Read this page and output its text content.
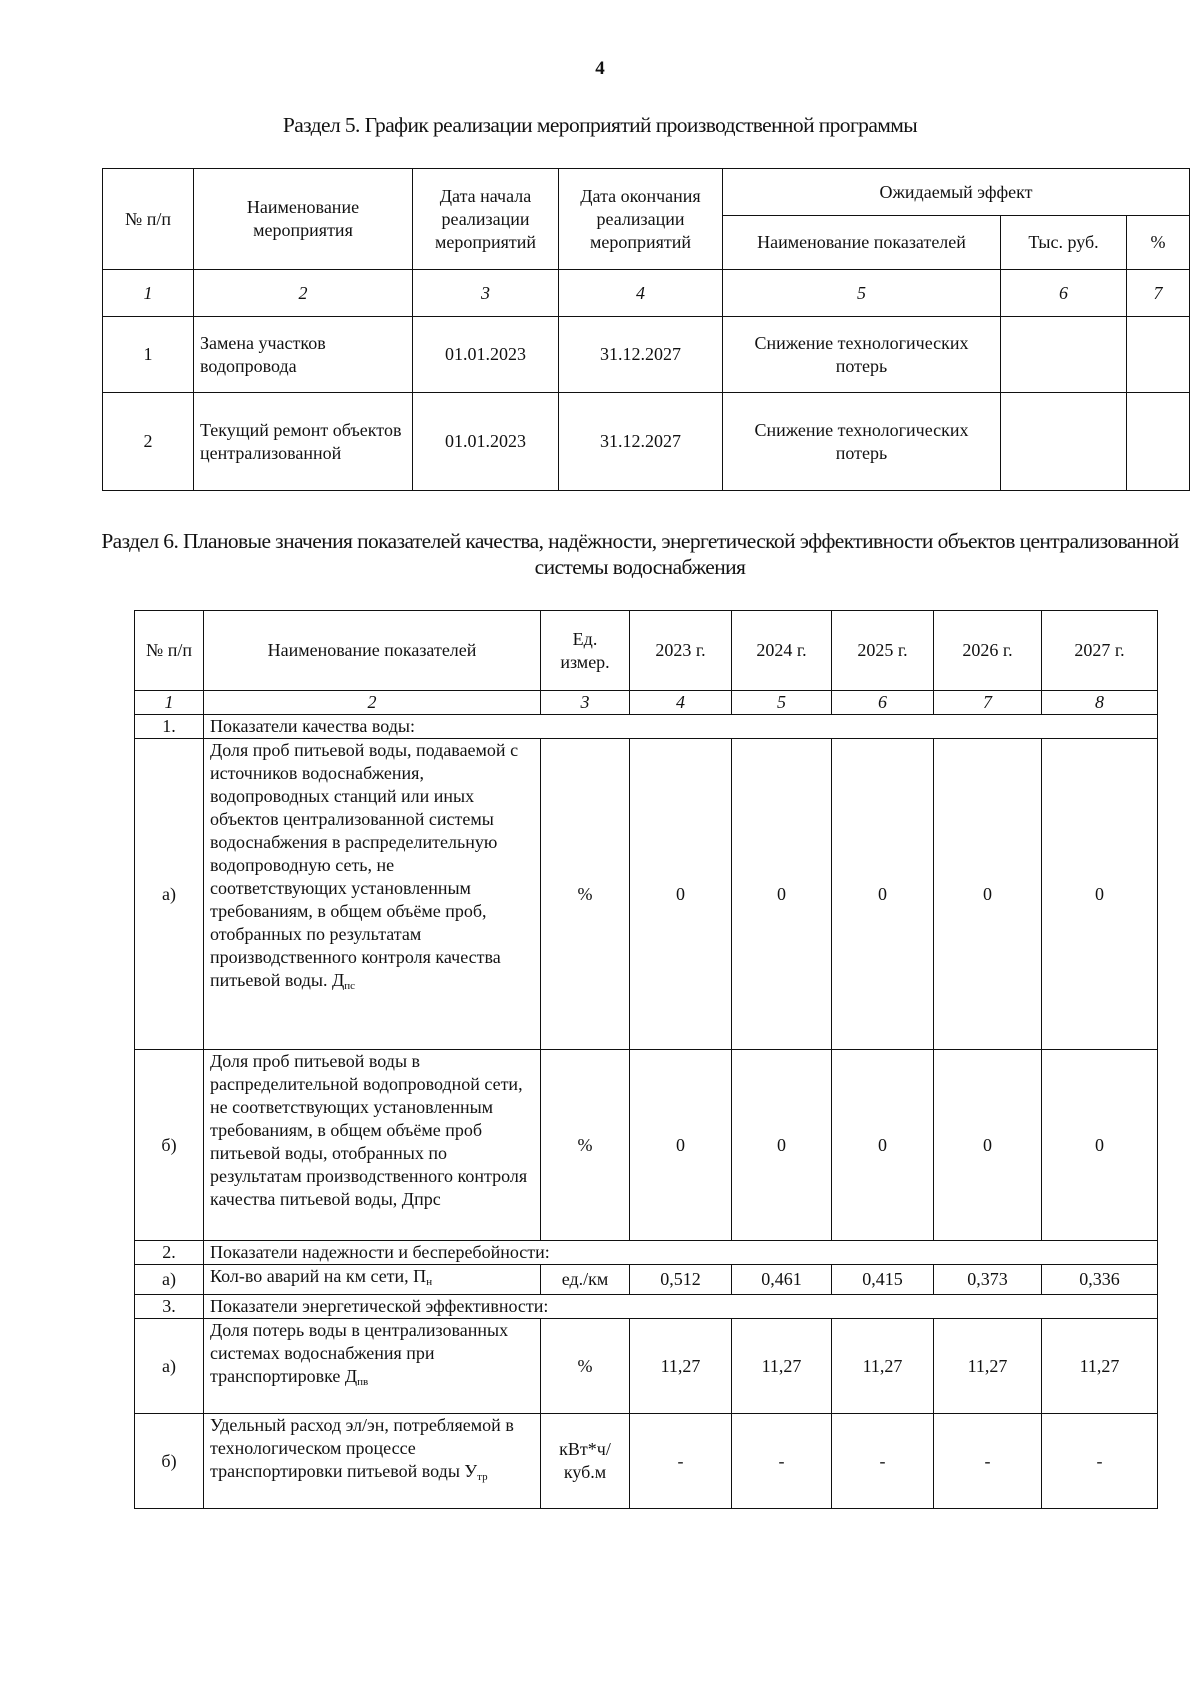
4
Раздел 5. График реализации мероприятий производственной программы
№ п/п	Наименование мероприятия	Дата начала реализации мероприятий	Дата окончания реализации мероприятий	Ожидаемый эффект		
				Наименование показателей	Тыс. руб.	%
1	2	3	4	5	6	7
1	Замена участков водопровода	01.01.2023	31.12.2027	Снижение технологических потерь		
2	Текущий ремонт объектов централизованной	01.01.2023	31.12.2027	Снижение технологических потерь		
Раздел 6. Плановые значения показателей качества, надёжности, энергетической эффективности объектов централизованной системы водоснабжения
№ п/п	Наименование показателей	Ед. измер.	2023 г.	2024 г.	2025 г.	2026 г.	2027 г.
1	2	3	4	5	6	7	8
1.	Показатели качества воды:						
а)	Доля проб питьевой воды, подаваемой с источников водоснабжения, водопроводных станций или иных объектов централизованной системы водоснабжения в распределительную водопроводную сеть, не соответствующих установленным требованиям, в общем объёме проб, отобранных по результатам производственного контроля качества питьевой воды. $Д_{пс}$	%	0	0	0	0	0
б)	Доля проб питьевой воды в распределительной водопроводной сети, не соответствующих установленным требованиям, в общем объёме проб питьевой воды, отобранных по результатам производственного контроля качества питьевой воды, Дпрс	%	0	0	0	0	0
2.	Показатели надежности и бесперебойности:						
а)	Кол-во аварий на км сети, $П_н$	ед./км	0,512	0,461	0,415	0,373	0,336
3.	Показатели энергетической эффективности:						
а)	Доля потерь воды в централизованных системах водоснабжения при транспортировке $Д_{пв}$	%	11,27	11,27	11,27	11,27	11,27
б)	Удельный расход эл/эн, потребляемой в технологическом процессе транспортировки питьевой воды $У_{тр}$	кВт*ч/ куб.м	-	-	-	-	-
